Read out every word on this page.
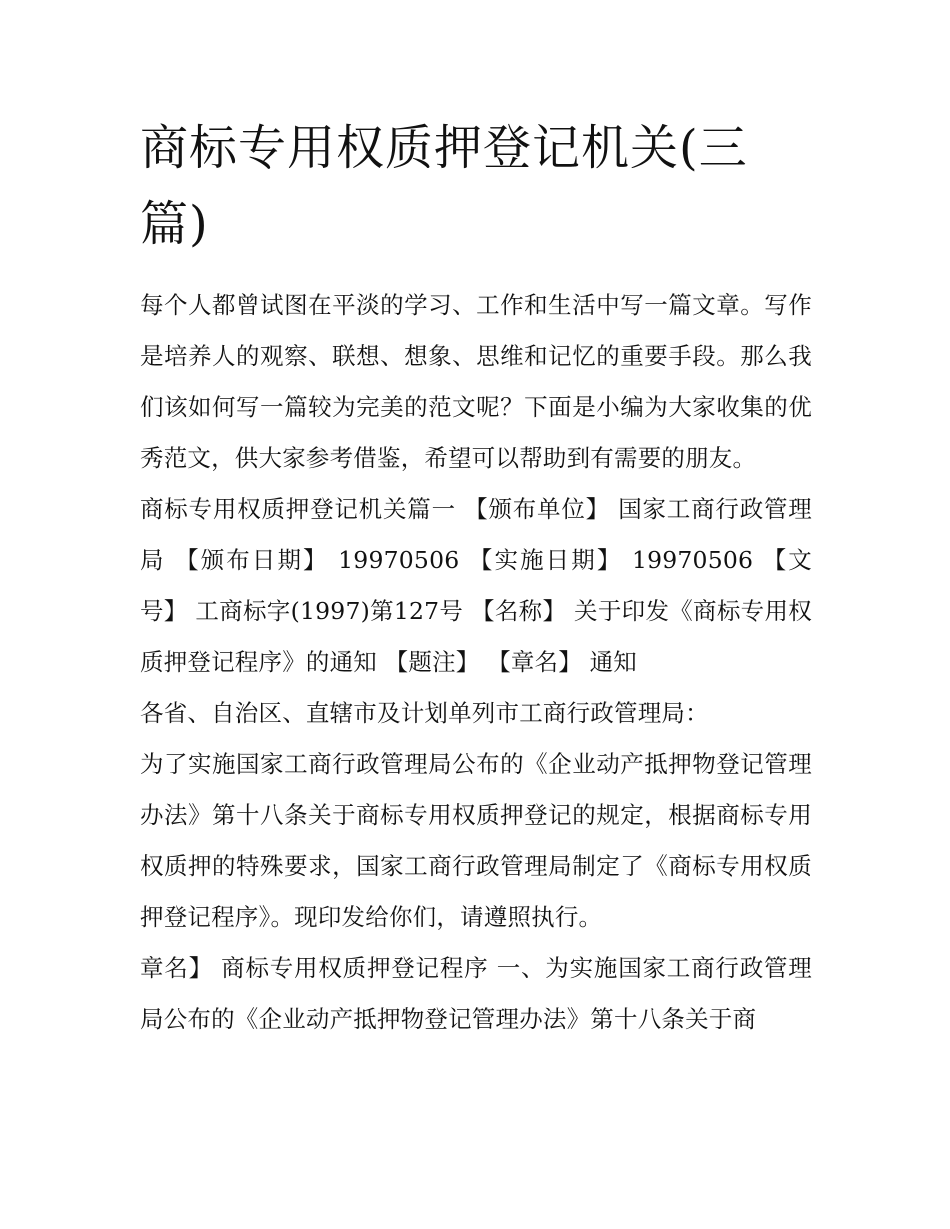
商标专用权质押登记机关(三篇)

每个人都曾试图在平淡的学习、工作和生活中写一篇文章。写作是培养人的观察、联想、想象、思维和记忆的重要手段。那么我们该如何写一篇较为完美的范文呢？下面是小编为大家收集的优秀范文，供大家参考借鉴，希望可以帮助到有需要的朋友。

商标专用权质押登记机关篇一 【颁布单位】 国家工商行政管理局 【颁布日期】 19970506 【实施日期】 19970506 【文号】 工商标字(1997)第127号 【名称】 关于印发《商标专用权质押登记程序》的通知 【题注】 【章名】 通知

各省、自治区、直辖市及计划单列市工商行政管理局：

为了实施国家工商行政管理局公布的《企业动产抵押物登记管理办法》第十八条关于商标专用权质押登记的规定，根据商标专用权质押的特殊要求，国家工商行政管理局制定了《商标专用权质押登记程序》。现印发给你们，请遵照执行。

章名】 商标专用权质押登记程序 一、为实施国家工商行政管理局公布的《企业动产抵押物登记管理办法》第十八条关于商
